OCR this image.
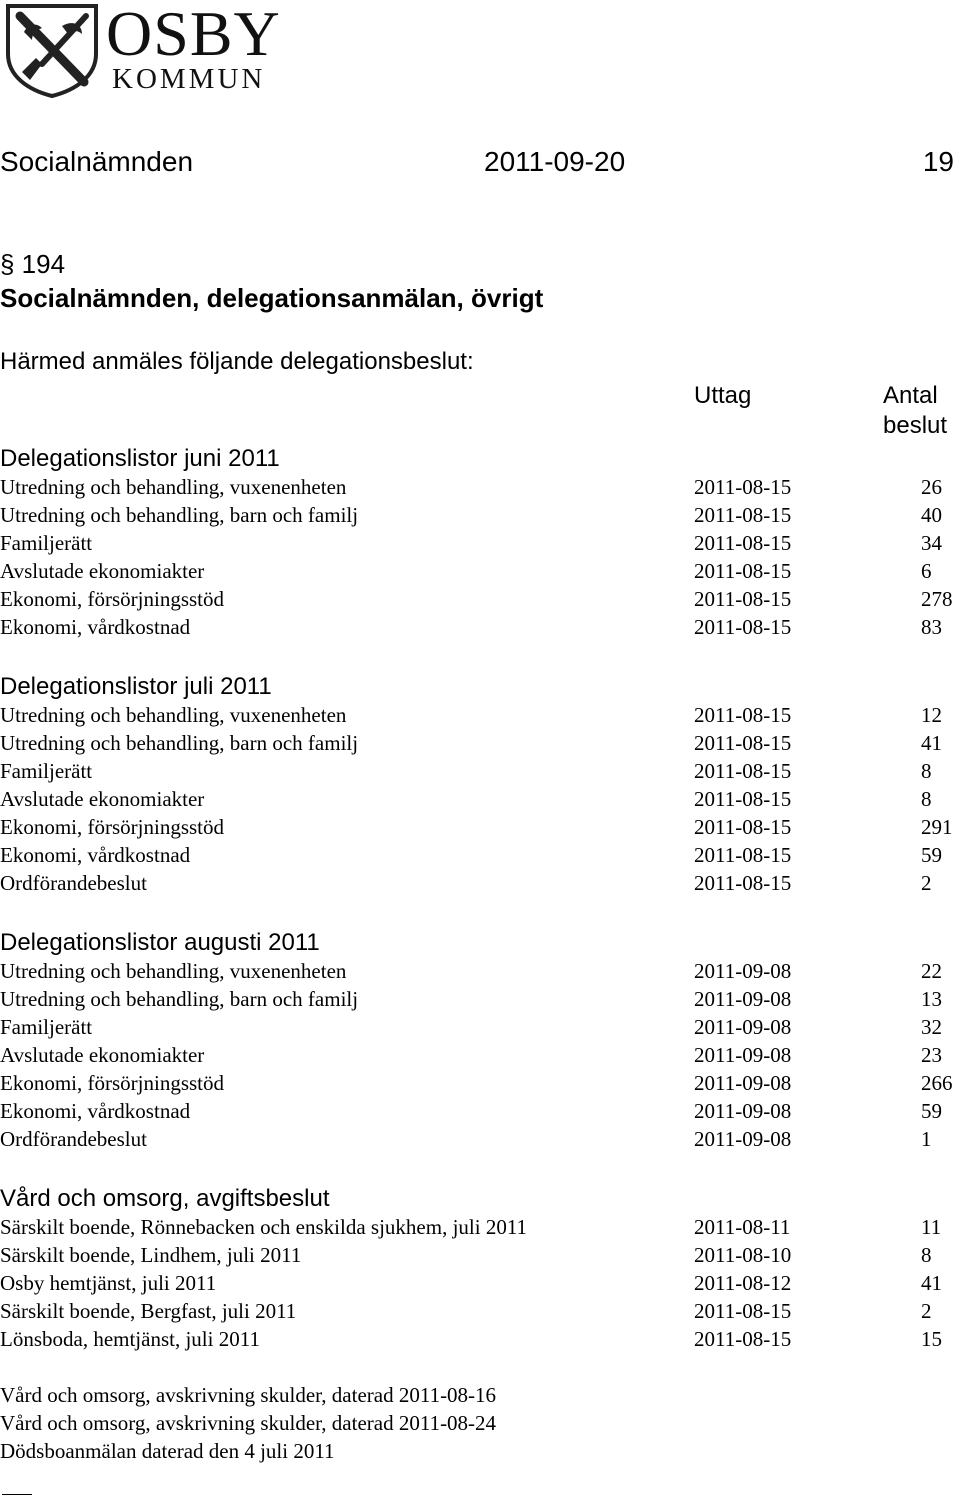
OSBY
KOMMUN
Socialnämnden	2011-09-20	19
§ 194
Socialnämnden, delegationsanmälan, övrigt
Härmed anmäles följande delegationsbeslut:
Uttag	Antal
beslut
Delegationslistor juni 2011
Utredning och behandling, vuxenenheten	2011-08-15	26
Utredning och behandling, barn och familj	2011-08-15	40
Familjerätt	2011-08-15	34
Avslutade ekonomiakter	2011-08-15	6
Ekonomi, försörjningsstöd	2011-08-15	278
Ekonomi, vårdkostnad	2011-08-15	83
Delegationslistor juli 2011
Utredning och behandling, vuxenenheten	2011-08-15	12
Utredning och behandling, barn och familj	2011-08-15	41
Familjerätt	2011-08-15	8
Avslutade ekonomiakter	2011-08-15	8
Ekonomi, försörjningsstöd	2011-08-15	291
Ekonomi, vårdkostnad	2011-08-15	59
Ordförandebeslut	2011-08-15	2
Delegationslistor augusti 2011
Utredning och behandling, vuxenenheten	2011-09-08	22
Utredning och behandling, barn och familj	2011-09-08	13
Familjerätt	2011-09-08	32
Avslutade ekonomiakter	2011-09-08	23
Ekonomi, försörjningsstöd	2011-09-08	266
Ekonomi, vårdkostnad	2011-09-08	59
Ordförandebeslut	2011-09-08	1
Vård och omsorg, avgiftsbeslut
Särskilt boende, Rönnebacken och enskilda sjukhem, juli 2011	2011-08-11	11
Särskilt boende, Lindhem, juli 2011	2011-08-10	8
Osby hemtjänst, juli 2011	2011-08-12	41
Särskilt boende, Bergfast, juli 2011	2011-08-15	2
Lönsboda, hemtjänst, juli 2011	2011-08-15	15
Vård och omsorg, avskrivning skulder, daterad 2011-08-16
Vård och omsorg, avskrivning skulder, daterad 2011-08-24
Dödsboanmälan daterad den 4 juli 2011
